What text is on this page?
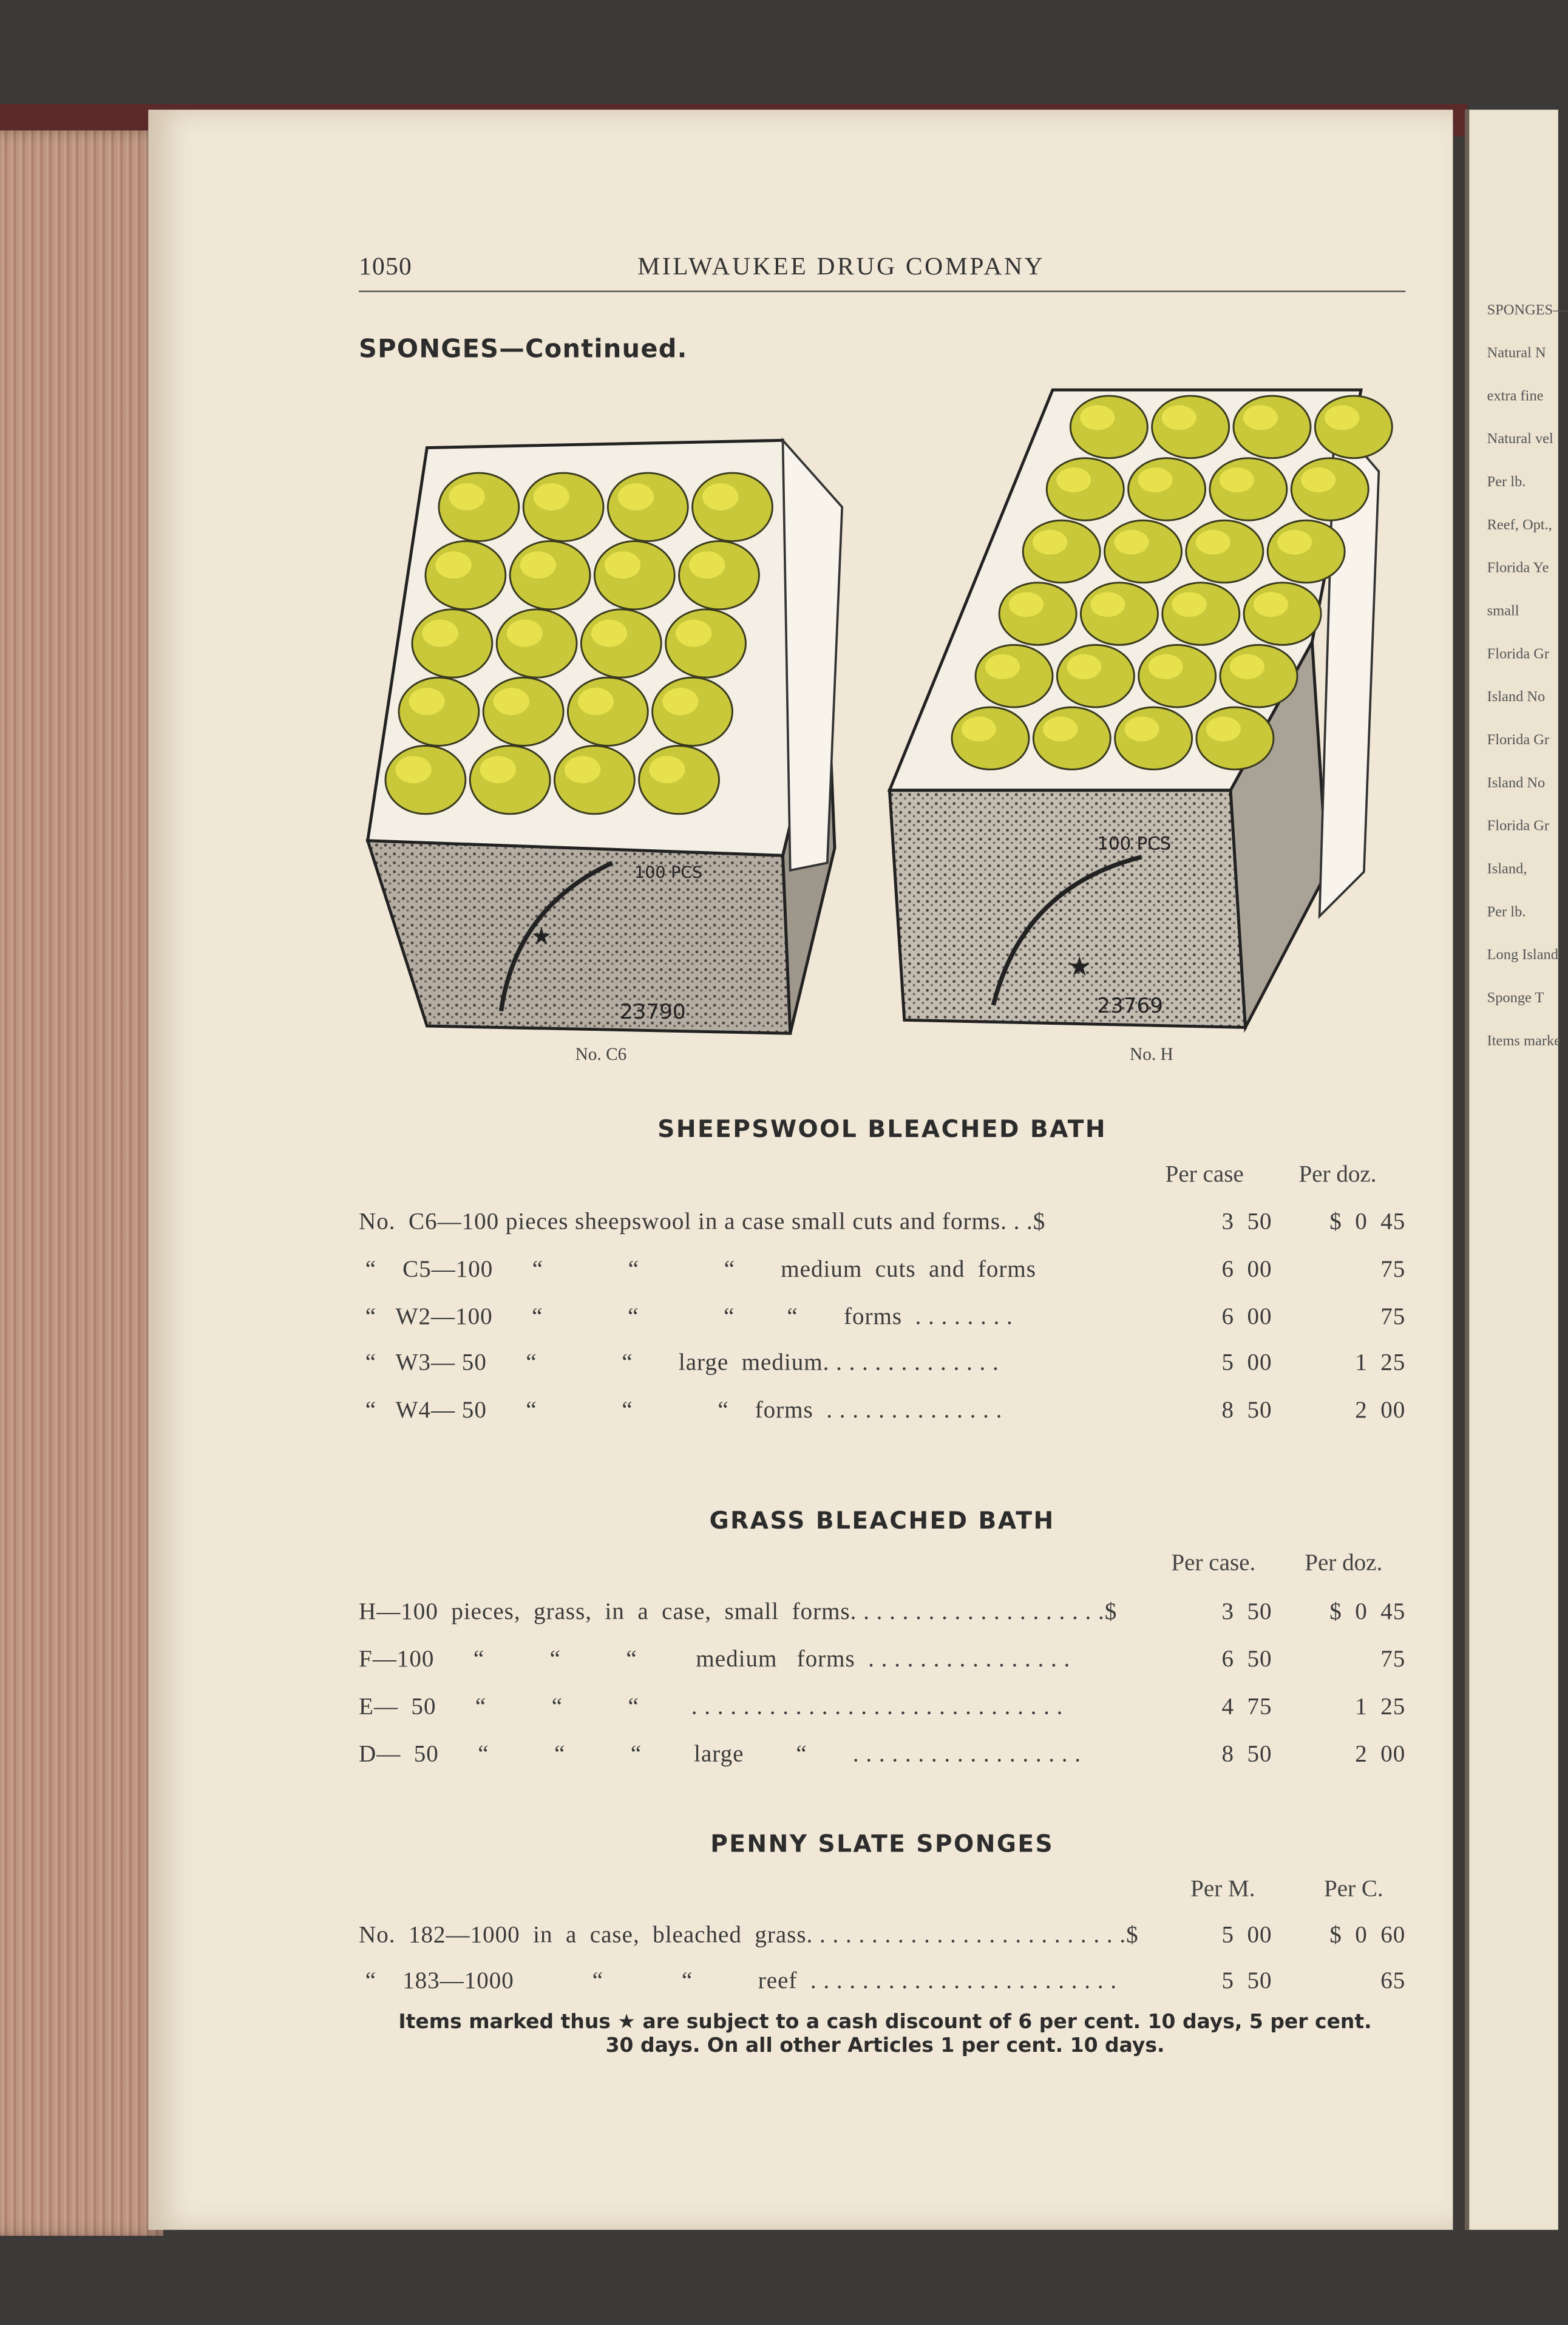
SPONGES—
Natural N
extra fine
Natural vel
Per lb.
Reef, Opt.,
Florida Ye
small
Florida Gr
Island No
Florida Gr
Island No
Florida Gr
Island,
Per lb.
Long Island
Sponge T
Items marke
1050	MILWAUKEE DRUG COMPANY
SPONGES—Continued.
23790
100 PCS
★
23769
100 PCS
★
No. C6	No. H
SHEEPSWOOL BLEACHED BATH
Per case	Per doz.
No.  C6—100 pieces sheepswool in a case small cuts and forms. . .$	3  50	$  0  45
“    C5—100      “             “             “       medium  cuts  and  forms	6  00	75
“   W2—100      “             “             “        “       forms  . . . . . . . .	6  00	75
“   W3— 50      “             “       large  medium. . . . . . . . . . . . . .	5  00	1  25
“   W4— 50      “             “             “    forms  . . . . . . . . . . . . . .	8  50	2  00
GRASS BLEACHED BATH
Per case.	Per doz.
H—100  pieces,  grass,  in  a  case,  small  forms. . . . . . . . . . . . . . . . . . . .$	3  50	$  0  45
F—100      “          “          “         medium   forms  . . . . . . . . . . . . . . . .	6  50	75
E—  50      “          “          “        . . . . . . . . . . . . . . . . . . . . . . . . . . . . .	4  75	1  25
D—  50      “          “          “        large        “       . . . . . . . . . . . . . . . . . .	8  50	2  00
PENNY SLATE SPONGES
Per M.	Per C.
No.  182—1000  in  a  case,  bleached  grass. . . . . . . . . . . . . . . . . . . . . . . . .$	5  00	$  0  60
“    183—1000            “            “          reef  . . . . . . . . . . . . . . . . . . . . . . . .	5  50	65
Items marked thus ★ are subject to a cash discount of 6 per cent. 10 days, 5 per cent.
30 days. On all other Articles 1 per cent. 10 days.
